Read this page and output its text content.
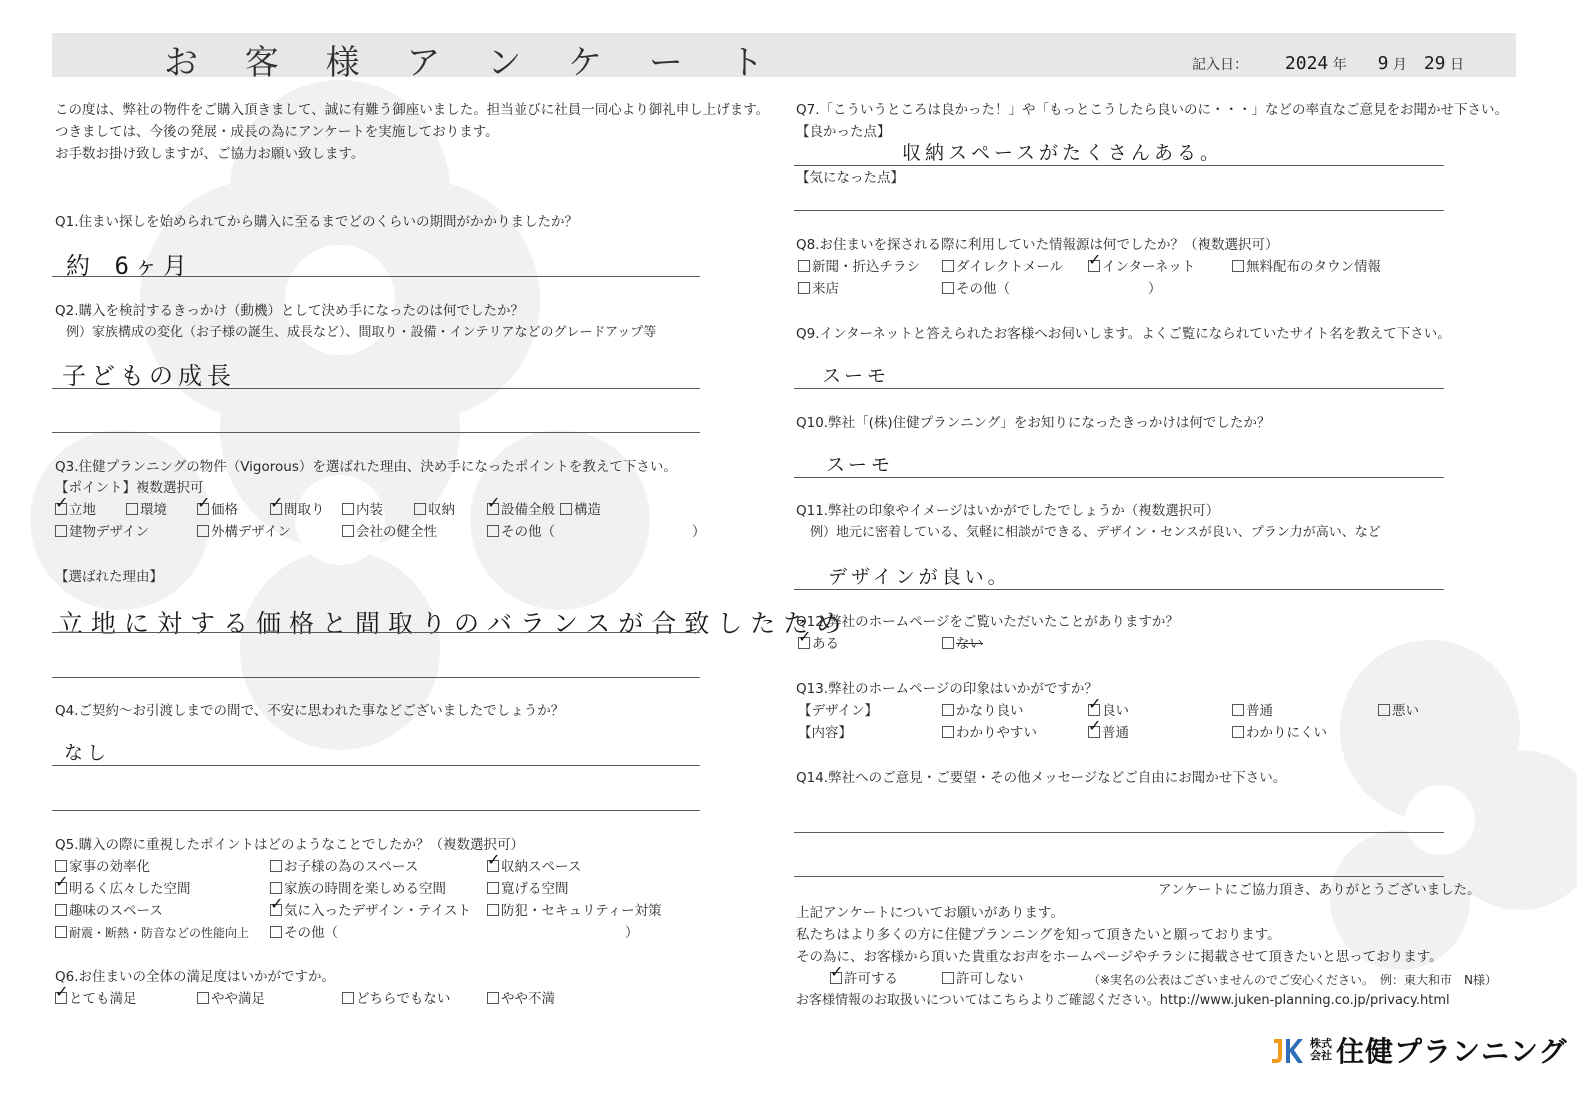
お 客 様 ア ン ケ ー ト	記入日： 2024 年 9 月 29 日
この度は、弊社の物件をご購入頂きまして、誠に有難う御座いました。担当並びに社員一同心より御礼申し上げます。
つきましては、今後の発展・成長の為にアンケートを実施しております。
お手数お掛け致しますが、ご協力お願い致します。
Q1.住まい探しを始められてから購入に至るまでどのくらいの期間がかかりましたか？
約 6ヶ月
Q2.購入を検討するきっかけ（動機）として決め手になったのは何でしたか？
例）家族構成の変化（お子様の誕生、成長など）、間取り・設備・インテリアなどのグレードアップ等
子どもの成長
Q3.住健プランニングの物件（Vigorous）を選ばれた理由、決め手になったポイントを教えて下さい。
【ポイント】複数選択可
✓立地	環境 ✓	価格 ✓	間取り	内装	収納 ✓	設備全般	構造
建物デザイン	外構デザイン	会社の健全性	その他（	）
【選ばれた理由】
立地に対する価格と間取りのバランスが合致したため
Q4.ご契約～お引渡しまでの間で、不安に思われた事などございましたでしょうか？
なし
Q5.購入の際に重視したポイントはどのようなことでしたか？（複数選択可）
家事の効率化	お子様の為のスペース ✓	収納スペース
✓明るく広々した空間	家族の時間を楽しめる空間	寛げる空間
趣味のスペース ✓	気に入ったデザイン・テイスト	防犯・セキュリティー対策
耐震・断熱・防音などの性能向上	その他（	）
Q6.お住まいの全体の満足度はいかがですか。
✓とても満足	やや満足	どちらでもない	やや不満
Q7.「こういうところは良かった！」や「もっとこうしたら良いのに・・・」などの率直なご意見をお聞かせ下さい。
【良かった点】
収納スペースがたくさんある。
【気になった点】
Q8.お住まいを探される際に利用していた情報源は何でしたか？（複数選択可）
新聞・折込チラシ	ダイレクトメール ✓	インターネット	無料配布のタウン情報
来店	その他（	）
Q9.インターネットと答えられたお客様へお伺いします。よくご覧になられていたサイト名を教えて下さい。
スーモ
Q10.弊社「(株)住健プランニング」をお知りになったきっかけは何でしたか？
スーモ
Q11.弊社の印象やイメージはいかがでしたでしょうか（複数選択可）
例）地元に密着している、気軽に相談ができる、デザイン・センスが良い、プラン力が高い、など
デザインが良い。
Q12.弊社のホームページをご覧いただいたことがありますか？
✓ある	ない
Q13.弊社のホームページの印象はいかがですか？
【デザイン】	かなり良い ✓	良い	普通	悪い
【内容】	わかりやすい ✓	普通	わかりにくい
Q14.弊社へのご意見・ご要望・その他メッセージなどご自由にお聞かせ下さい。
アンケートにご協力頂き、ありがとうございました。
上記アンケートについてお願いがあります。
私たちはより多くの方に住健プランニングを知って頂きたいと願っております。
その為に、お客様から頂いた貴重なお声をホームページやチラシに掲載させて頂きたいと思っております。
✓許可する	許可しない	（※実名の公表はございませんのでご安心ください。　例：東大和市　N様）
お客様情報のお取扱いについてはこちらよりご確認ください。http://www.juken-planning.co.jp/privacy.html
株式会社 住健プランニング
